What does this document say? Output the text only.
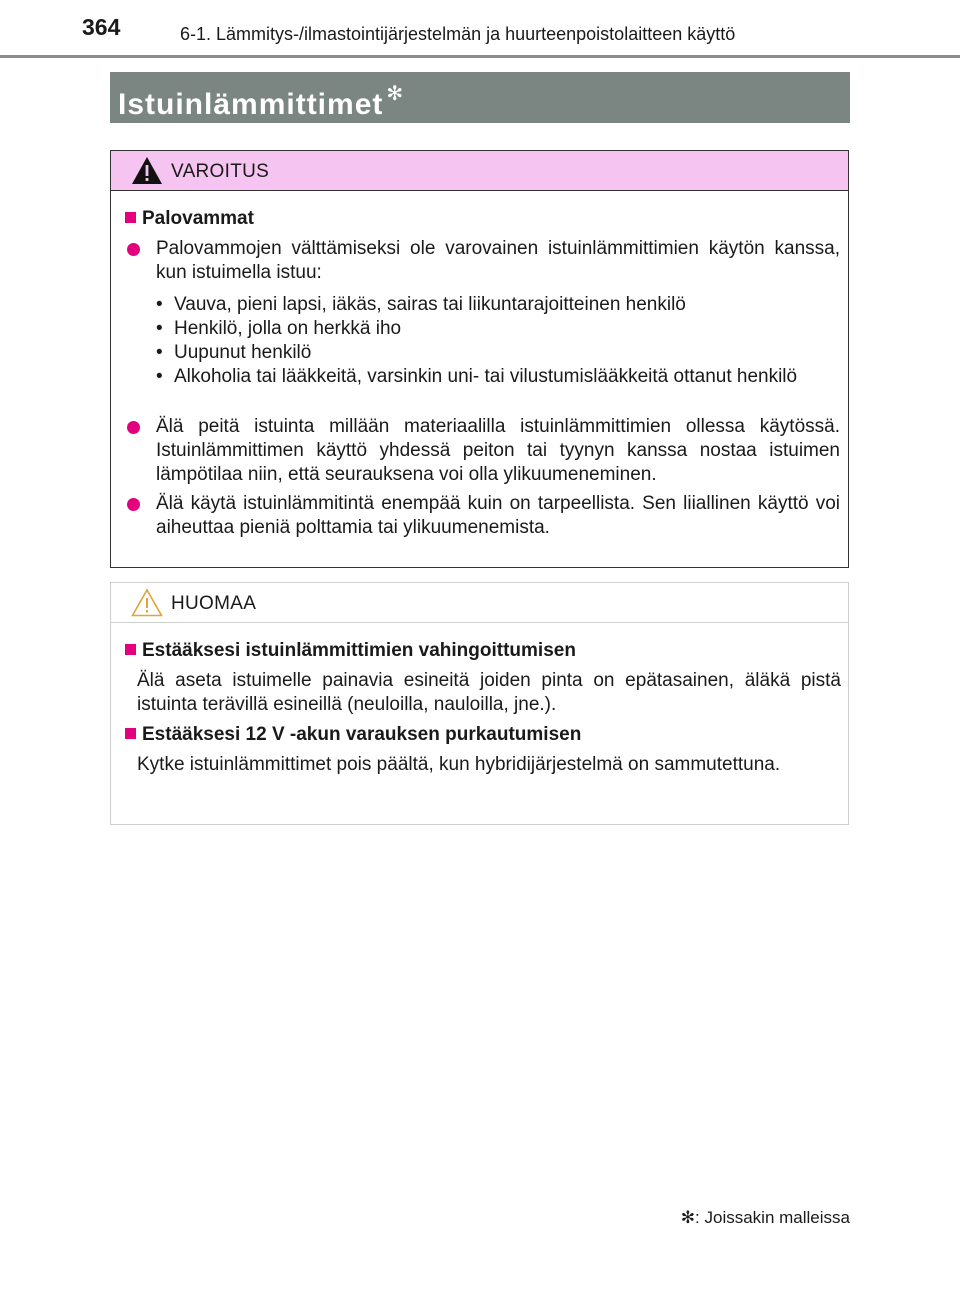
364	6-1. Lämmitys-/ilmastointijärjestelmän ja huurteenpoistolaitteen käyttö
Istuinlämmittimet ✻
VAROITUS
Palovammat
Palovammojen välttämiseksi ole varovainen istuinlämmittimien käytön kanssa, kun istuimella istuu:
• Vauva, pieni lapsi, iäkäs, sairas tai liikuntarajoitteinen henkilö
• Henkilö, jolla on herkkä iho
• Uupunut henkilö
• Alkoholia tai lääkkeitä, varsinkin uni- tai vilustumislääkkeitä ottanut henkilö
Älä peitä istuinta millään materiaalilla istuinlämmittimien ollessa käytössä. Istuinlämmittimen käyttö yhdessä peiton tai tyynyn kanssa nostaa istuimen lämpötilaa niin, että seurauksena voi olla ylikuumeneminen.
Älä käytä istuinlämmitintä enempää kuin on tarpeellista. Sen liiallinen käyttö voi aiheuttaa pieniä polttamia tai ylikuumenemista.
HUOMAA
Estääksesi istuinlämmittimien vahingoittumisen
Älä aseta istuimelle painavia esineitä joiden pinta on epätasainen, äläkä pistä istuinta terävillä esineillä (neuloilla, nauloilla, jne.).
Estääksesi 12 V -akun varauksen purkautumisen
Kytke istuinlämmittimet pois päältä, kun hybridijärjestelmä on sammutettuna.
✻: Joissakin malleissa
